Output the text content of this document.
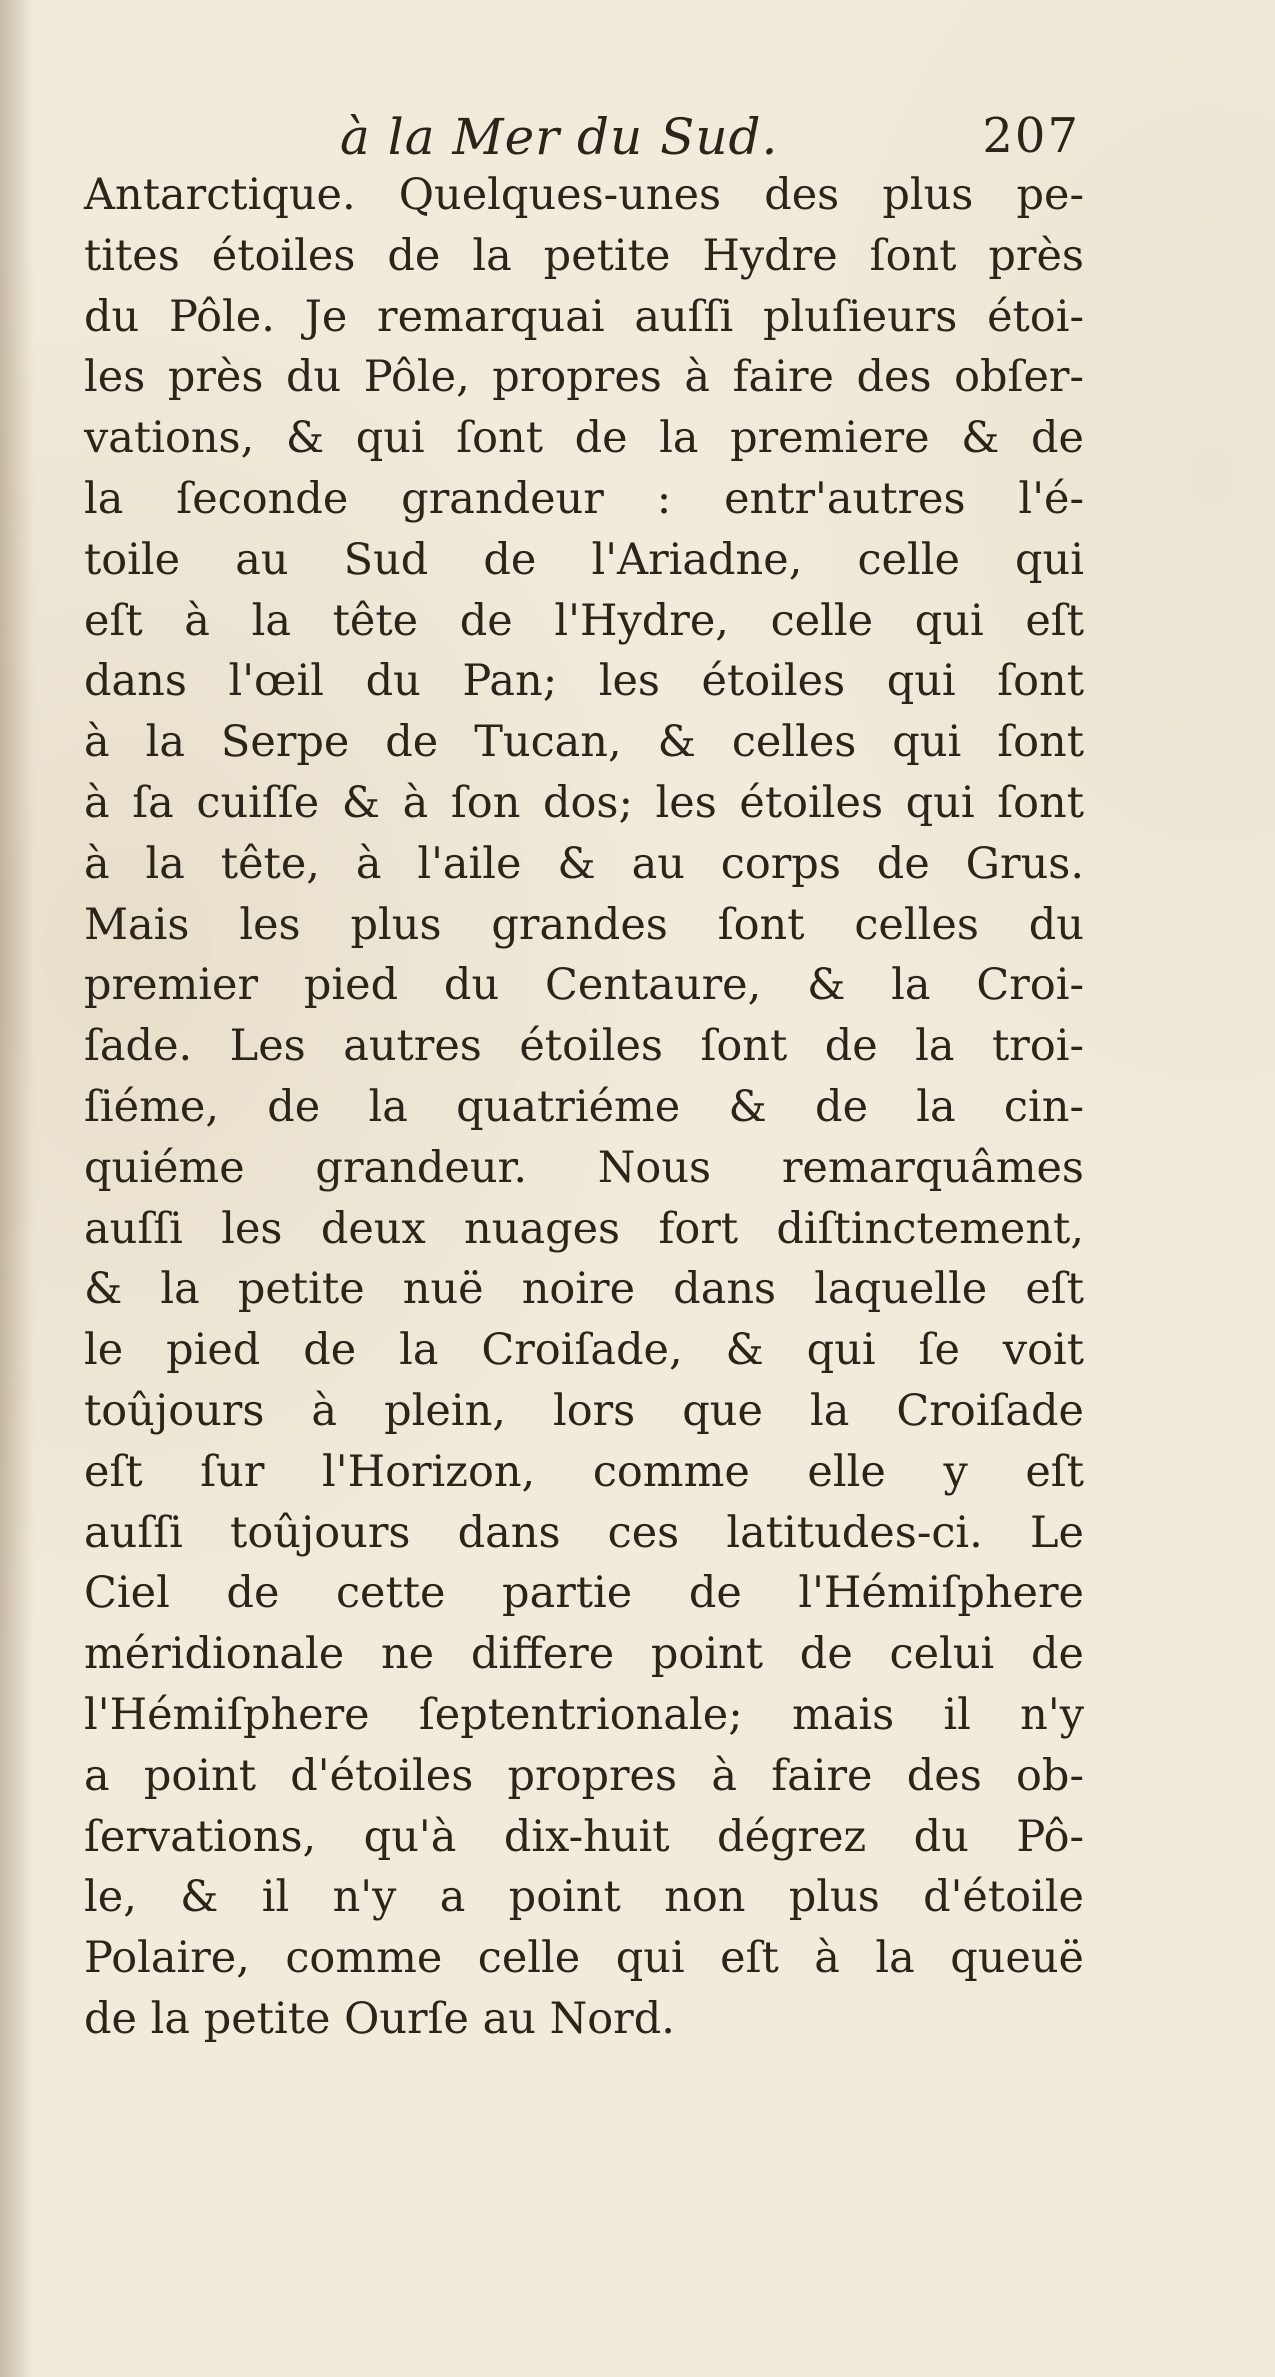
à la Mer du Sud.	207
Antarctique. Quelques-unes des plus pe-
tites étoiles de la petite Hydre ſont près
du Pôle. Je remarquai auſſi pluſieurs étoi-
les près du Pôle, propres à faire des obſer-
vations, & qui ſont de la premiere & de
la ſeconde grandeur : entr'autres l'é-
toile au Sud de l'Ariadne, celle qui
eſt à la tête de l'Hydre, celle qui eſt
dans l'œil du Pan; les étoiles qui ſont
à la Serpe de Tucan, & celles qui ſont
à ſa cuiſſe & à ſon dos; les étoiles qui ſont
à la tête, à l'aile & au corps de Grus.
Mais les plus grandes ſont celles du
premier pied du Centaure, & la Croi-
ſade. Les autres étoiles ſont de la troi-
ſiéme, de la quatriéme & de la cin-
quiéme grandeur. Nous remarquâmes
auſſi les deux nuages fort diſtinctement,
& la petite nuë noire dans laquelle eſt
le pied de la Croiſade, & qui ſe voit
toûjours à plein, lors que la Croiſade
eſt ſur l'Horizon, comme elle y eſt
auſſi toûjours dans ces latitudes-ci. Le
Ciel de cette partie de l'Hémiſphere
méridionale ne differe point de celui de
l'Hémiſphere ſeptentrionale; mais il n'y
a point d'étoiles propres à faire des ob-
ſervations, qu'à dix-huit dégrez du Pô-
le, & il n'y a point non plus d'étoile
Polaire, comme celle qui eſt à la queuë
de la petite Ourſe au Nord.
